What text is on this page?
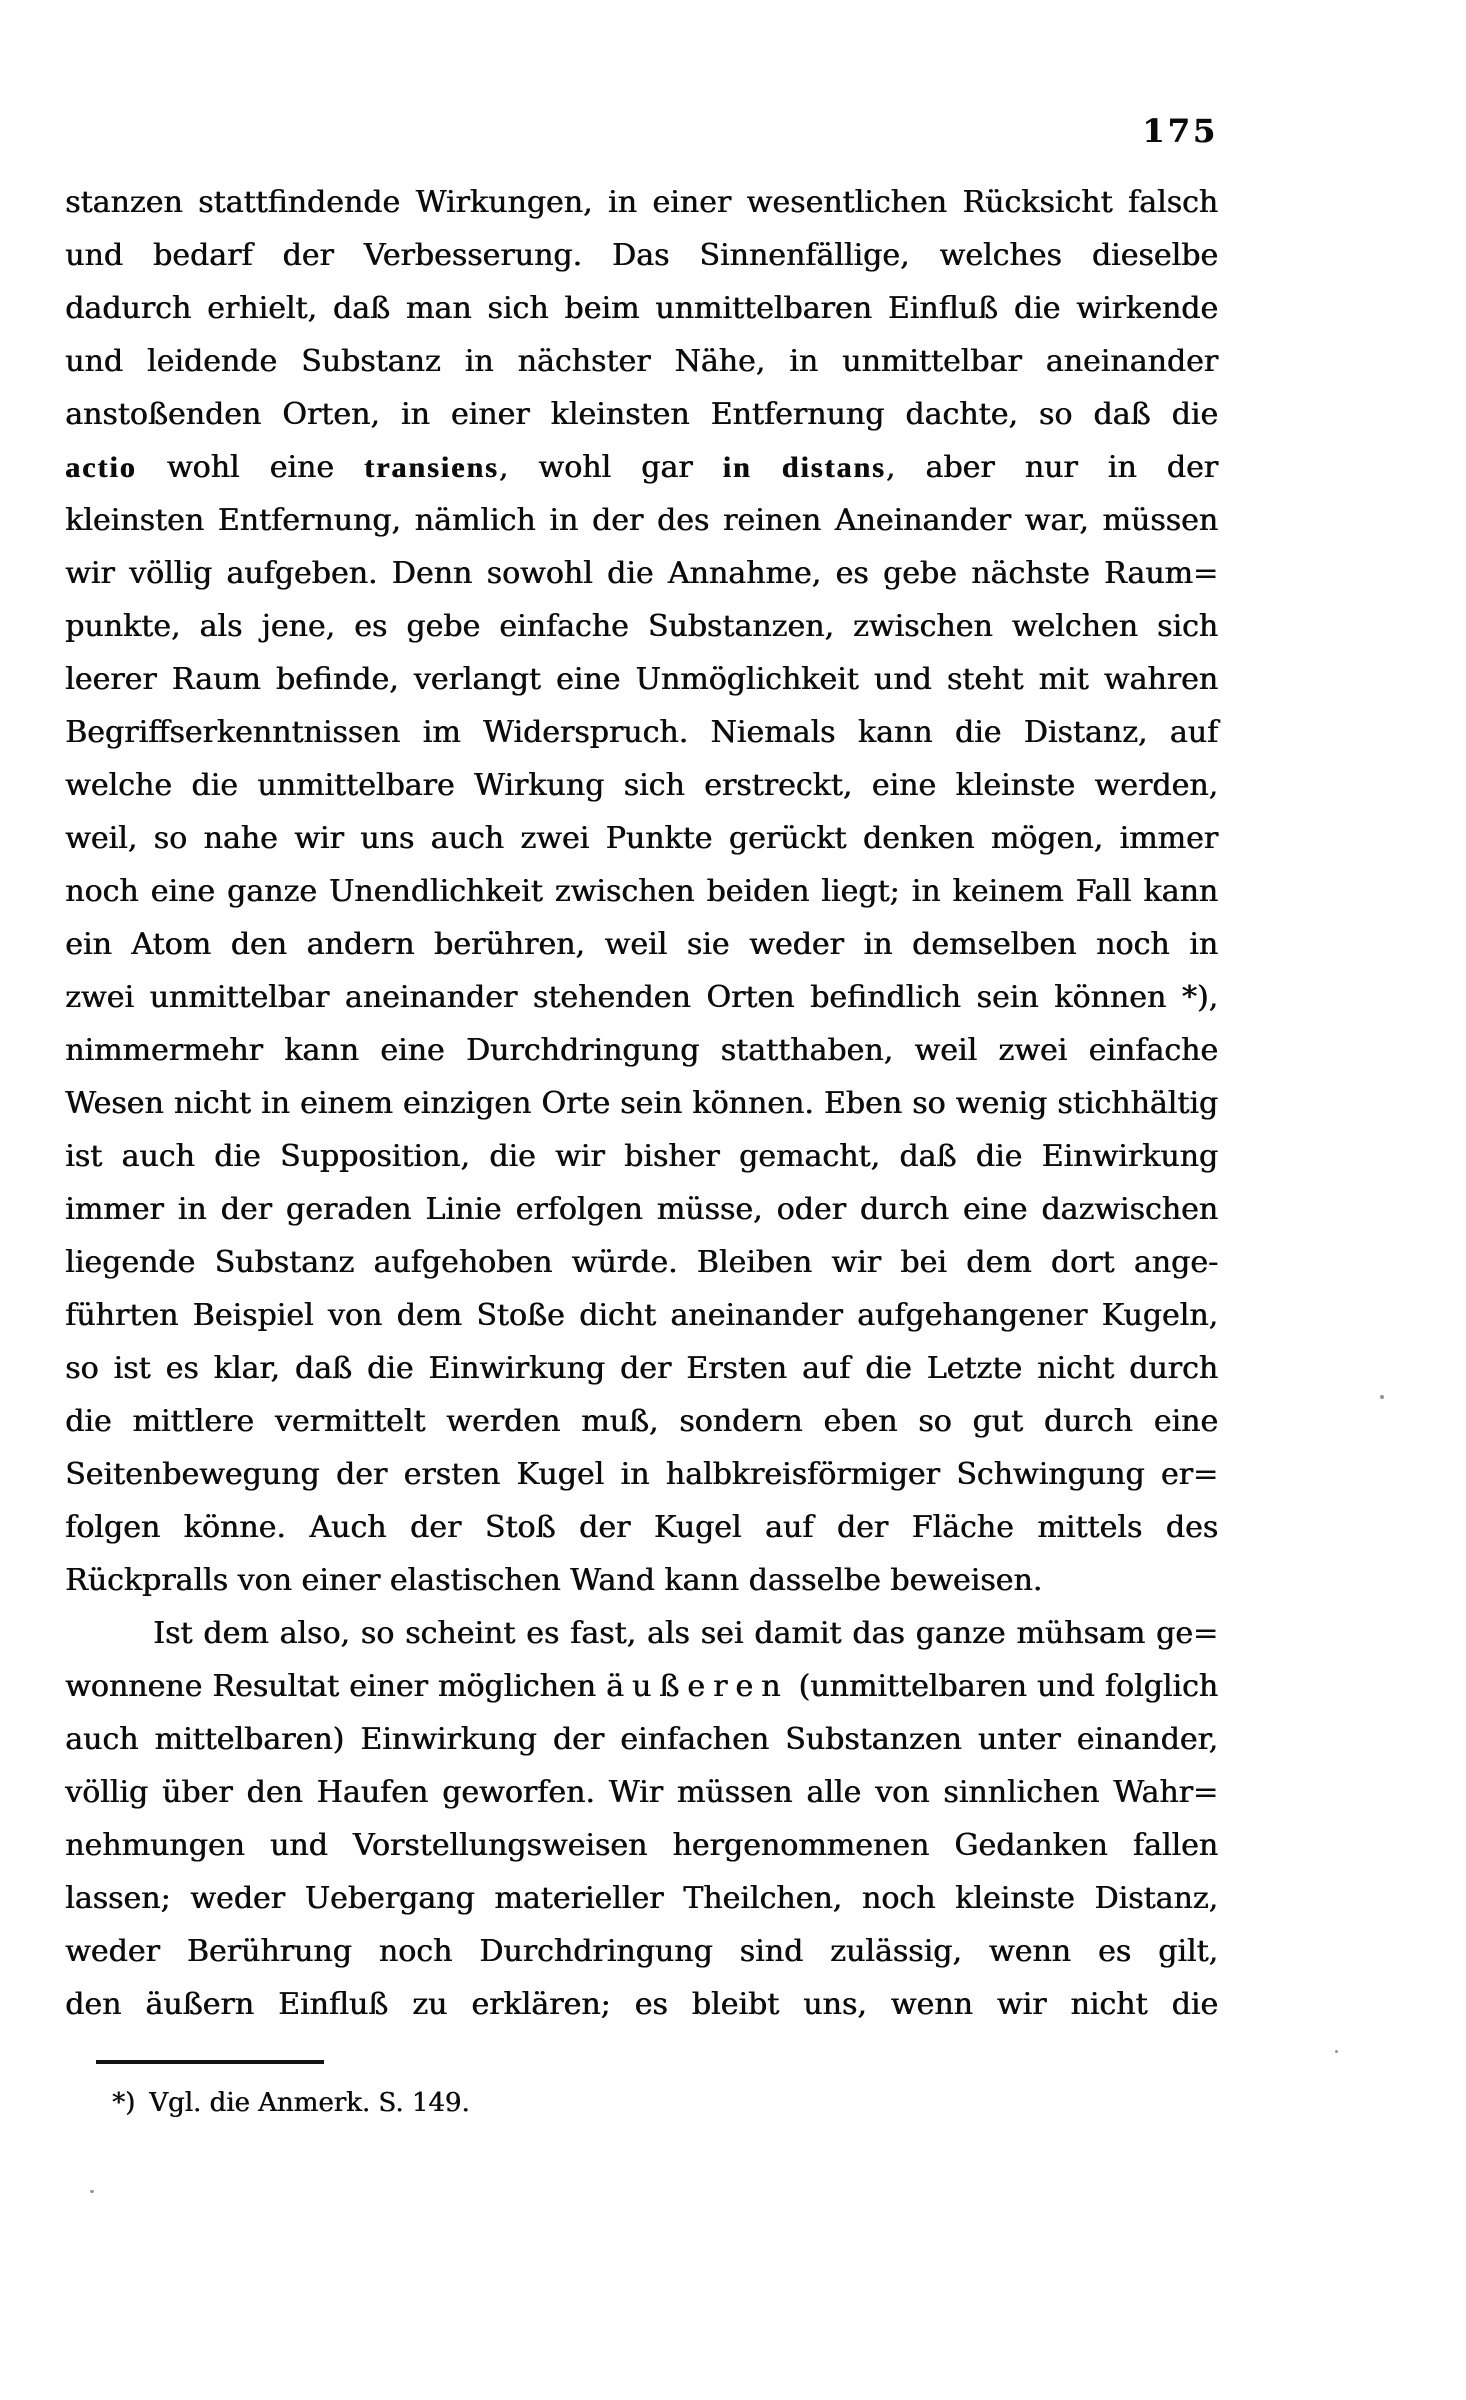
175
stanzen stattfindende Wirkungen, in einer wesentlichen Rücksicht falsch
und bedarf der Verbesserung. Das Sinnenfällige, welches dieselbe
dadurch erhielt, daß man sich beim unmittelbaren Einfluß die wirkende
und leidende Substanz in nächster Nähe, in unmittelbar aneinander
anstoßenden Orten, in einer kleinsten Entfernung dachte, so daß die
actio wohl eine transiens, wohl gar in distans, aber nur in der
kleinsten Entfernung, nämlich in der des reinen Aneinander war, müssen
wir völlig aufgeben. Denn sowohl die Annahme, es gebe nächste Raum=
punkte, als jene, es gebe einfache Substanzen, zwischen welchen sich
leerer Raum befinde, verlangt eine Unmöglichkeit und steht mit wahren
Begriffserkenntnissen im Widerspruch. Niemals kann die Distanz, auf
welche die unmittelbare Wirkung sich erstreckt, eine kleinste werden,
weil, so nahe wir uns auch zwei Punkte gerückt denken mögen, immer
noch eine ganze Unendlichkeit zwischen beiden liegt; in keinem Fall kann
ein Atom den andern berühren, weil sie weder in demselben noch in
zwei unmittelbar aneinander stehenden Orten befindlich sein können *),
nimmermehr kann eine Durchdringung statthaben, weil zwei einfache
Wesen nicht in einem einzigen Orte sein können. Eben so wenig stichhältig
ist auch die Supposition, die wir bisher gemacht, daß die Einwirkung
immer in der geraden Linie erfolgen müsse, oder durch eine dazwischen
liegende Substanz aufgehoben würde. Bleiben wir bei dem dort ange-
führten Beispiel von dem Stoße dicht aneinander aufgehangener Kugeln,
so ist es klar, daß die Einwirkung der Ersten auf die Letzte nicht durch
die mittlere vermittelt werden muß, sondern eben so gut durch eine
Seitenbewegung der ersten Kugel in halbkreisförmiger Schwingung er=
folgen könne. Auch der Stoß der Kugel auf der Fläche mittels des
Rückpralls von einer elastischen Wand kann dasselbe beweisen.
Ist dem also, so scheint es fast, als sei damit das ganze mühsam ge=
wonnene Resultat einer möglichen äußeren (unmittelbaren und folglich
auch mittelbaren) Einwirkung der einfachen Substanzen unter einander,
völlig über den Haufen geworfen. Wir müssen alle von sinnlichen Wahr=
nehmungen und Vorstellungsweisen hergenommenen Gedanken fallen
lassen; weder Uebergang materieller Theilchen, noch kleinste Distanz,
weder Berührung noch Durchdringung sind zulässig, wenn es gilt,
den äußern Einfluß zu erklären; es bleibt uns, wenn wir nicht die
*) Vgl. die Anmerk. S. 149.
